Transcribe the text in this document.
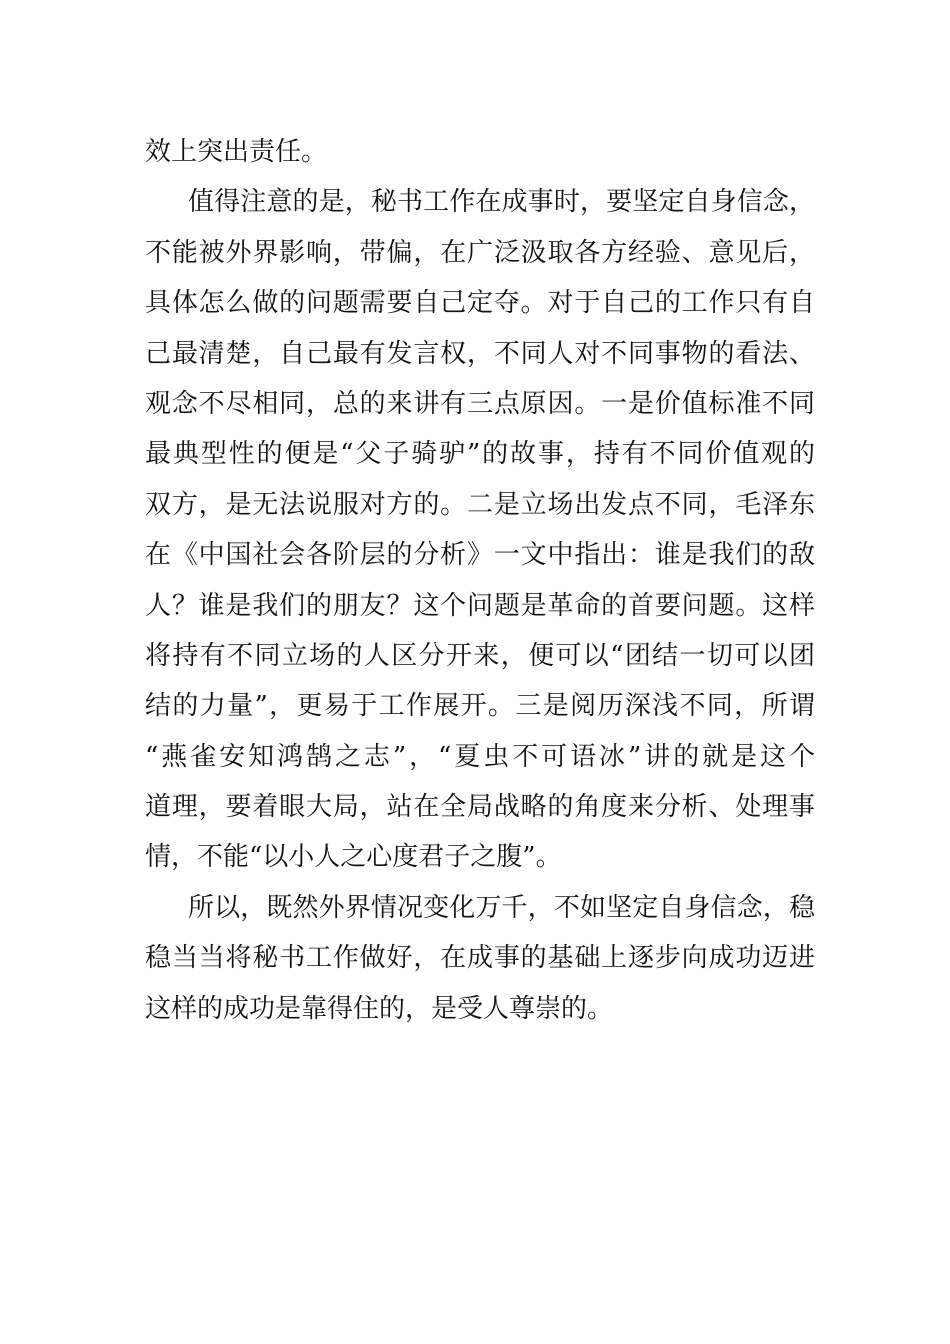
效上突出责任。
值得注意的是，秘书工作在成事时，要坚定自身信念，
不能被外界影响，带偏，在广泛汲取各方经验、意见后，
具体怎么做的问题需要自己定夺。对于自己的工作只有自
己最清楚，自己最有发言权，不同人对不同事物的看法、
观念不尽相同，总的来讲有三点原因。一是价值标准不同
最典型性的便是“父子骑驴”的故事，持有不同价值观的
双方，是无法说服对方的。二是立场出发点不同，毛泽东
在《中国社会各阶层的分析》一文中指出：谁是我们的敌
人？谁是我们的朋友？这个问题是革命的首要问题。这样
将持有不同立场的人区分开来，便可以“团结一切可以团
结的力量”，更易于工作展开。三是阅历深浅不同，所谓
“燕雀安知鸿鹄之志”，“夏虫不可语冰”讲的就是这个
道理，要着眼大局，站在全局战略的角度来分析、处理事
情，不能“以小人之心度君子之腹”。
所以，既然外界情况变化万千，不如坚定自身信念，稳
稳当当将秘书工作做好，在成事的基础上逐步向成功迈进
这样的成功是靠得住的，是受人尊崇的。
